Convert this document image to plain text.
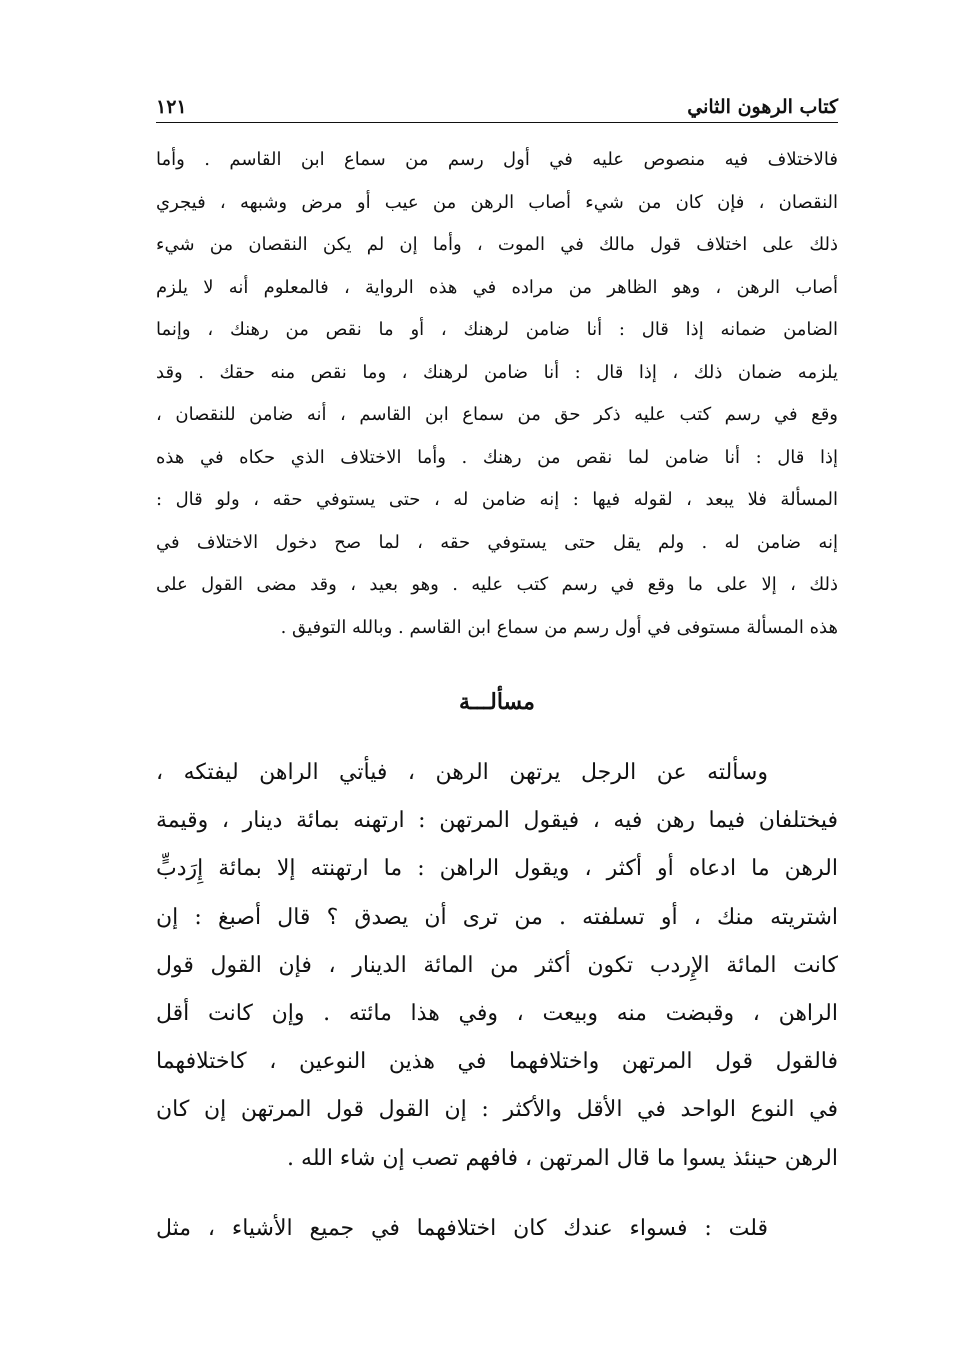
كتاب الرهون الثاني
١٢١
فالاختلاف فيه منصوص عليه في أول رسم من سماع ابن القاسم . وأما
النقصان ، فإن كان من شيء أصاب الرهن من عيب أو مرض وشبهه ، فيجري
ذلك على اختلاف قول مالك في الموت ، وأما إن لم يكن النقصان من شيء
أصاب الرهن ، وهو الظاهر من مراده في هذه الرواية ، فالمعلوم أنه لا يلزم
الضامن ضمانه إذا قال : أنا ضامن لرهنك ، أو ما نقص من رهنك ، وإنما
يلزمه ضمان ذلك ، إذا قال : أنا ضامن لرهنك ، وما نقص منه حقك . وقد
وقع في رسم كتب عليه ذكر حق من سماع ابن القاسم ، أنه ضامن للنقصان ،
إذا قال : أنا ضامن لما نقص من رهنك . وأما الاختلاف الذي حكاه في هذه
المسألة فلا يبعد ، لقوله فيها : إنه ضامن له ، حتى يستوفي حقه ، ولو قال :
إنه ضامن له . ولم يقل حتى يستوفي حقه ، لما صح دخول الاختلاف في
ذلك ، إلا على ما وقع في رسم كتب عليه . وهو بعيد ، وقد مضى القول على
هذه المسألة مستوفى في أول رسم من سماع ابن القاسم . وبالله التوفيق .
مسألـــة
وسألته عن الرجل يرتهن الرهن ، فيأتي الراهن ليفتكه ،
فيختلفان فيما رهن فيه ، فيقول المرتهن : ارتهنه بمائة دينار ، وقيمة
الرهن ما ادعاه أو أكثر ، ويقول الراهن : ما ارتهنته إلا بمائة إِرَدبٍّ
اشتريته منك ، أو تسلفته . من ترى أن يصدق ؟ قال أصبغ : إن
كانت المائة الإِردب تكون أكثر من المائة الدينار ، فإن القول قول
الراهن ، وقبضت منه وبيعت ، وفي هذا مائته . وإن كانت أقل
فالقول قول المرتهن واختلافهما في هذين النوعين ، كاختلافهما
في النوع الواحد في الأقل والأكثر : إن القول قول المرتهن إن كان
الرهن حينئذ يسوا ما قال المرتهن ، فافهم تصب إن شاء الله .
قلت : فسواء عندك كان اختلافهما في جميع الأشياء ، مثل
